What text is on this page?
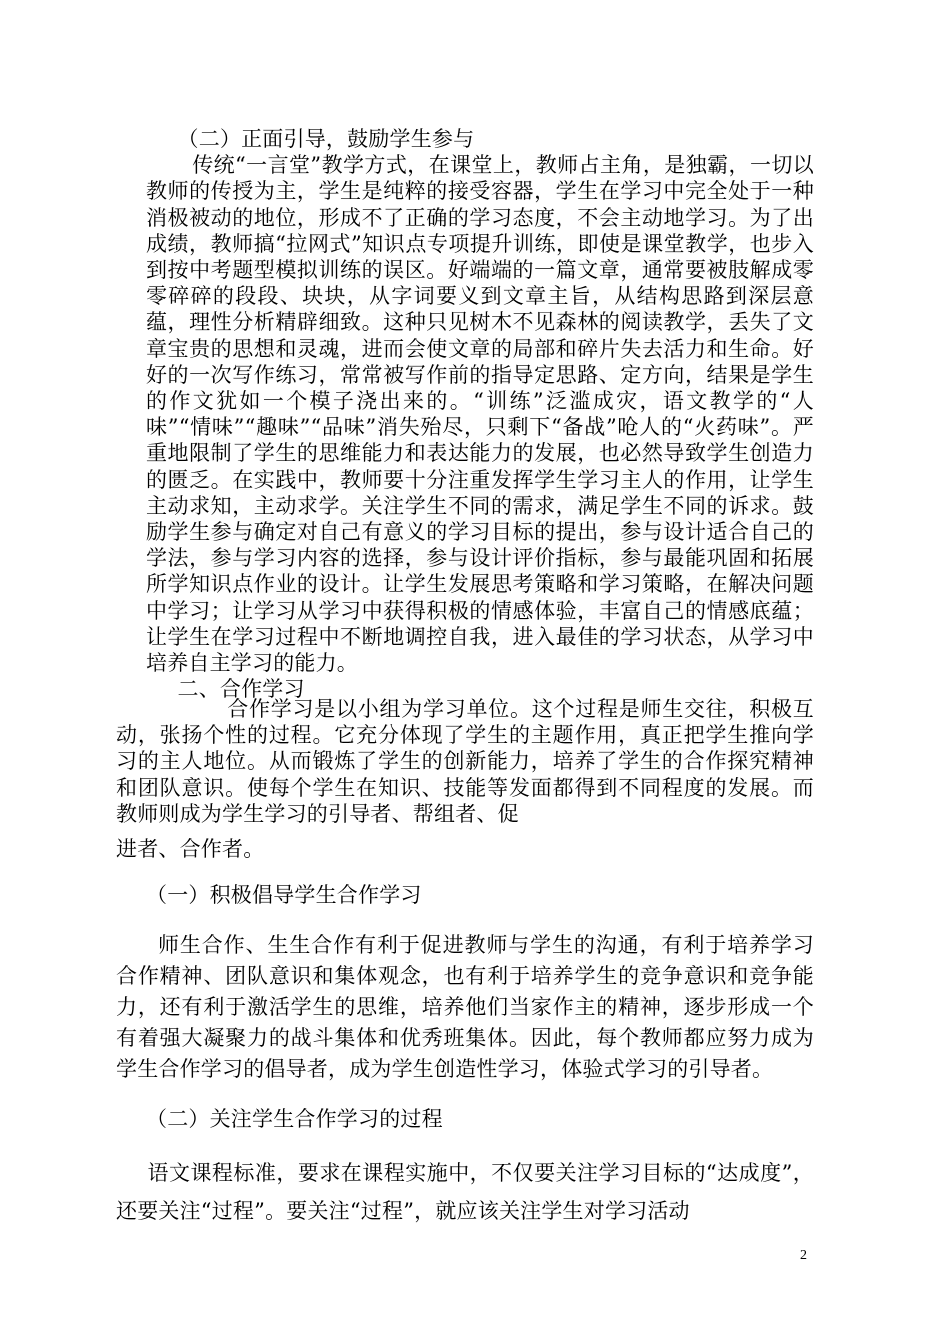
（二）正面引导，鼓励学生参与

传统“一言堂”教学方式，在课堂上，教师占主角，是独霸，一切以教师的传授为主，学生是纯粹的接受容器，学生在学习中完全处于一种消极被动的地位，形成不了正确的学习态度，不会主动地学习。为了出成绩，教师搞“拉网式”知识点专项提升训练，即使是课堂教学，也步入到按中考题型模拟训练的误区。好端端的一篇文章，通常要被肢解成零零碎碎的段段、块块，从字词要义到文章主旨，从结构思路到深层意蕴，理性分析精辟细致。这种只见树木不见森林的阅读教学，丢失了文章宝贵的思想和灵魂，进而会使文章的局部和碎片失去活力和生命。好好的一次写作练习，常常被写作前的指导定思路、定方向，结果是学生的作文犹如一个模子浇出来的。“训练”泛滥成灾，语文教学的“人味”“情味”“趣味”“品味”消失殆尽，只剩下“备战”呛人的“火药味”。严重地限制了学生的思维能力和表达能力的发展，也必然导致学生创造力的匮乏。在实践中，教师要十分注重发挥学生学习主人的作用，让学生主动求知，主动求学。关注学生不同的需求，满足学生不同的诉求。鼓励学生参与确定对自己有意义的学习目标的提出，参与设计适合自己的学法，参与学习内容的选择，参与设计评价指标，参与最能巩固和拓展所学知识点作业的设计。让学生发展思考策略和学习策略，在解决问题中学习；让学习从学习中获得积极的情感体验，丰富自己的情感底蕴；让学生在学习过程中不断地调控自我，进入最佳的学习状态，从学习中培养自主学习的能力。

二、合作学习

合作学习是以小组为学习单位。这个过程是师生交往，积极互动，张扬个性的过程。它充分体现了学生的主题作用，真正把学生推向学习的主人地位。从而锻炼了学生的创新能力，培养了学生的合作探究精神和团队意识。使每个学生在知识、技能等发面都得到不同程度的发展。而教师则成为学生学习的引导者、帮组者、促

进者、合作者。

（一）积极倡导学生合作学习

师生合作、生生合作有利于促进教师与学生的沟通，有利于培养学习合作精神、团队意识和集体观念，也有利于培养学生的竞争意识和竞争能力，还有利于激活学生的思维，培养他们当家作主的精神，逐步形成一个有着强大凝聚力的战斗集体和优秀班集体。因此，每个教师都应努力成为学生合作学习的倡导者，成为学生创造性学习，体验式学习的引导者。

（二）关注学生合作学习的过程

语文课程标准，要求在课程实施中，不仅要关注学习目标的“达成度”，还要关注“过程”。要关注“过程”，就应该关注学生对学习活动

2
